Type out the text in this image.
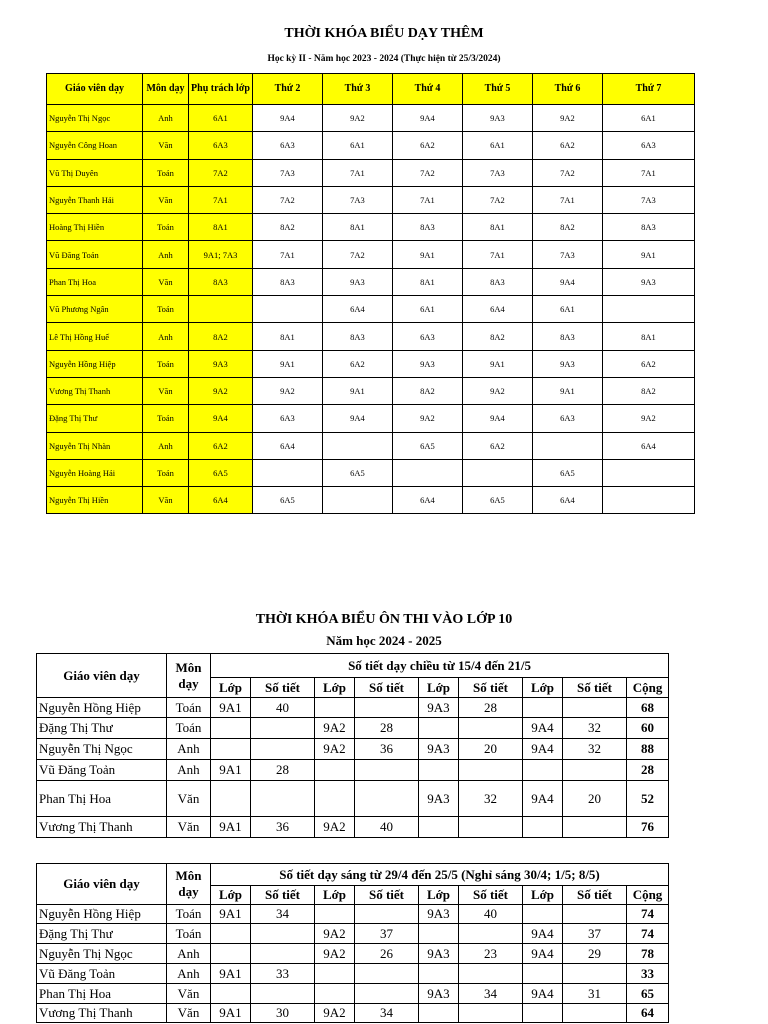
THỜI KHÓA BIỂU DẠY THÊM
Học kỳ II - Năm học 2023 - 2024 (Thực hiện từ 25/3/2024)
Giáo viên dạy	Môn dạy	Phụ trách lớp	Thứ 2	Thứ 3	Thứ 4	Thứ 5	Thứ 6	Thứ 7
Nguyễn Thị Ngọc	Anh	6A1	9A4	9A2	9A4	9A3	9A2	6A1
Nguyễn Công Hoan	Văn	6A3	6A3	6A1	6A2	6A1	6A2	6A3
Vũ Thị Duyên	Toán	7A2	7A3	7A1	7A2	7A3	7A2	7A1
Nguyễn Thanh Hải	Văn	7A1	7A2	7A3	7A1	7A2	7A1	7A3
Hoàng Thị Hiền	Toán	8A1	8A2	8A1	8A3	8A1	8A2	8A3
Vũ Đăng Toản	Anh	9A1; 7A3	7A1	7A2	9A1	7A1	7A3	9A1
Phan Thị Hoa	Văn	8A3	8A3	9A3	8A1	8A3	9A4	9A3
Vũ Phương Ngân	Toán			6A4	6A1	6A4	6A1	
Lê Thị Hồng Huế	Anh	8A2	8A1	8A3	6A3	8A2	8A3	8A1
Nguyễn Hồng Hiệp	Toán	9A3	9A1	6A2	9A3	9A1	9A3	6A2
Vương Thị Thanh	Văn	9A2	9A2	9A1	8A2	9A2	9A1	8A2
Đặng Thị Thư	Toán	9A4	6A3	9A4	9A2	9A4	6A3	9A2
Nguyễn Thị Nhàn	Anh	6A2	6A4		6A5	6A2		6A4
Nguyễn Hoàng Hải	Toán	6A5		6A5			6A5	
Nguyễn Thị Hiền	Văn	6A4	6A5		6A4	6A5	6A4	
THỜI KHÓA BIỂU ÔN THI VÀO LỚP 10
Năm học 2024 - 2025
Giáo viên dạy	Môn dạy	Số tiết dạy chiều từ 15/4 đến 21/5								
		Lớp	Số tiết	Lớp	Số tiết	Lớp	Số tiết	Lớp	Số tiết	Cộng
Nguyễn Hồng Hiệp	Toán	9A1	40			9A3	28			68
Đặng Thị Thư	Toán			9A2	28			9A4	32	60
Nguyễn Thị Ngọc	Anh			9A2	36	9A3	20	9A4	32	88
Vũ Đăng Toản	Anh	9A1	28							28
Phan Thị Hoa	Văn					9A3	32	9A4	20	52
Vương Thị Thanh	Văn	9A1	36	9A2	40					76
Giáo viên dạy	Môn dạy	Số tiết dạy sáng từ 29/4 đến 25/5 (Nghỉ sáng 30/4; 1/5; 8/5)								
		Lớp	Số tiết	Lớp	Số tiết	Lớp	Số tiết	Lớp	Số tiết	Cộng
Nguyễn Hồng Hiệp	Toán	9A1	34			9A3	40			74
Đặng Thị Thư	Toán			9A2	37			9A4	37	74
Nguyễn Thị Ngọc	Anh			9A2	26	9A3	23	9A4	29	78
Vũ Đăng Toản	Anh	9A1	33							33
Phan Thị Hoa	Văn					9A3	34	9A4	31	65
Vương Thị Thanh	Văn	9A1	30	9A2	34					64
